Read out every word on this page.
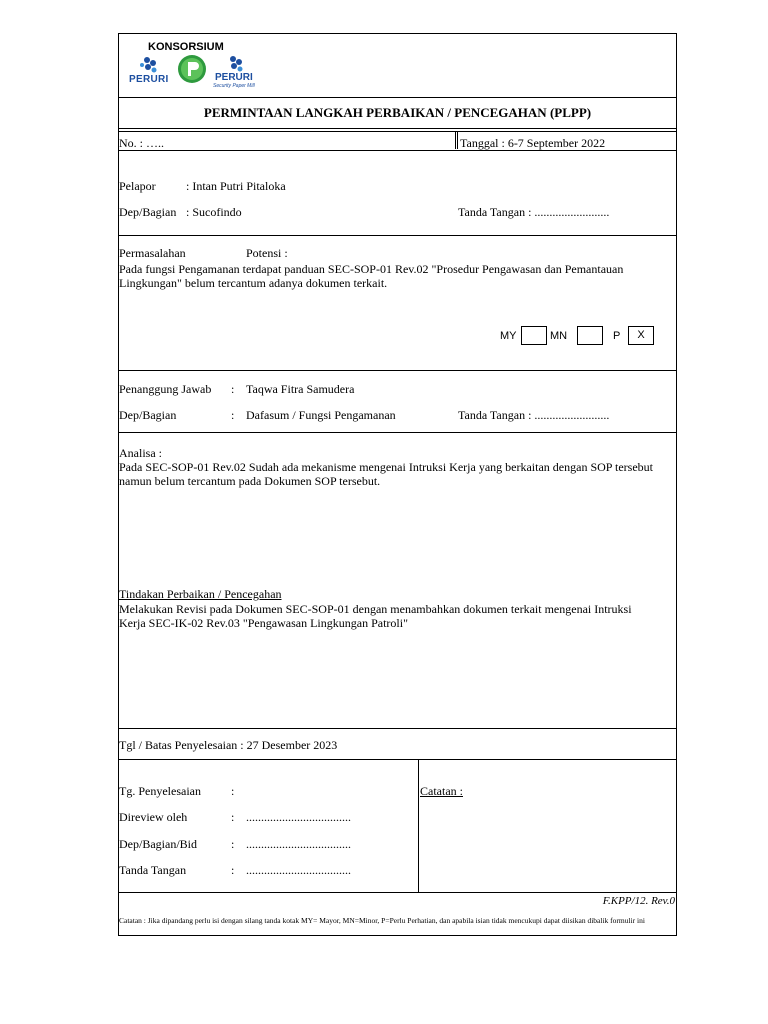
KONSORSIUM
PERURI	PERURI
Security Paper Mill
PERMINTAAN LANGKAH PERBAIKAN / PENCEGAHAN (PLPP)
No. : …..	Tanggal : 6-7 September 2022
Pelapor	: Intan Putri Pitaloka
Dep/Bagian : Sucofindo	Tanda Tangan : .........................
Permasalahan	Potensi :
Pada fungsi Pengamanan terdapat panduan SEC-SOP-01 Rev.02 "Prosedur Pengawasan dan Pemantauan Lingkungan" belum tercantum adanya dokumen terkait.
MY	MN	P	X
Penanggung Jawab : Taqwa Fitra Samudera
Dep/Bagian	: Dafasum / Fungsi Pengamanan	Tanda Tangan : .........................
Analisa :
Pada SEC-SOP-01 Rev.02 Sudah ada mekanisme mengenai Intruksi Kerja yang berkaitan dengan SOP tersebut namun belum tercantum pada Dokumen SOP tersebut.
Tindakan Perbaikan / Pencegahan
Melakukan Revisi pada Dokumen SEC-SOP-01 dengan menambahkan dokumen terkait mengenai Intruksi Kerja SEC-IK-02 Rev.03 "Pengawasan Lingkungan Patroli"
Tgl / Batas Penyelesaian : 27 Desember 2023
Tg. Penyelesaian	:
Direview oleh	: ...................................
Dep/Bagian/Bid	: ...................................
Tanda Tangan	: ...................................
Catatan :
F.KPP/12. Rev.0
Catatan : Jika dipandang perlu isi dengan silang tanda kotak MY= Mayor, MN=Minor, P=Perlu Perhatian, dan apabila isian tidak mencukupi dapat diisikan dibalik formulir ini
